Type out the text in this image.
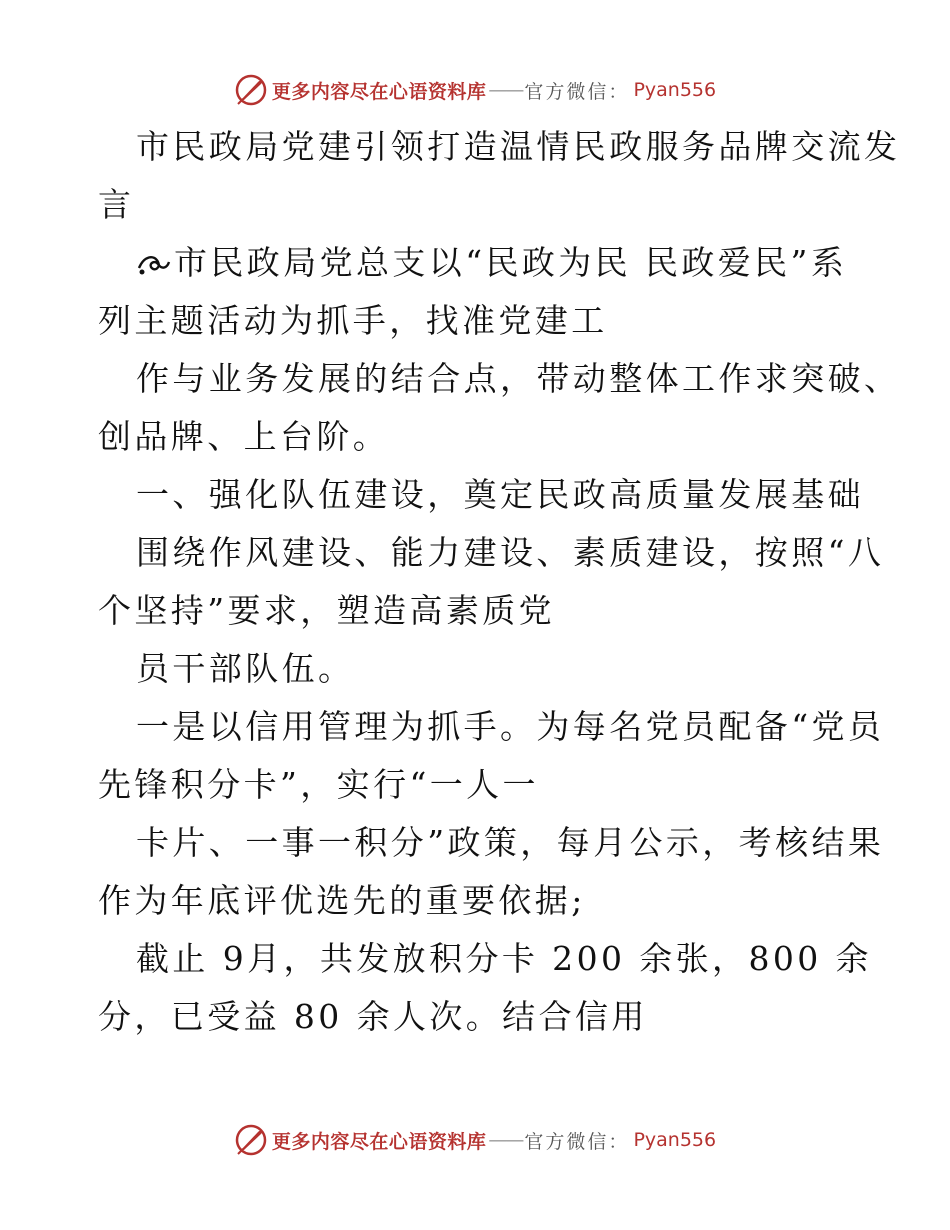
更多内容尽在心语资料库 —— 官方微信： Pyan556
市民政局党建引领打造温情民政服务品牌交流发
言
市民政局党总支以“民政为民 民政爱民”系
列主题活动为抓手，找准党建工
作与业务发展的结合点，带动整体工作求突破、
创品牌、上台阶。
一、强化队伍建设，奠定民政高质量发展基础
围绕作风建设、能力建设、素质建设，按照“八
个坚持”要求，塑造高素质党
员干部队伍。
一是以信用管理为抓手。为每名党员配备“党员
先锋积分卡”，实行“一人一
卡片、一事一积分”政策，每月公示，考核结果
作为年底评优选先的重要依据;
截止 9月，共发放积分卡 200 余张，800 余
分，已受益 80 余人次。结合信用
更多内容尽在心语资料库 —— 官方微信： Pyan556
